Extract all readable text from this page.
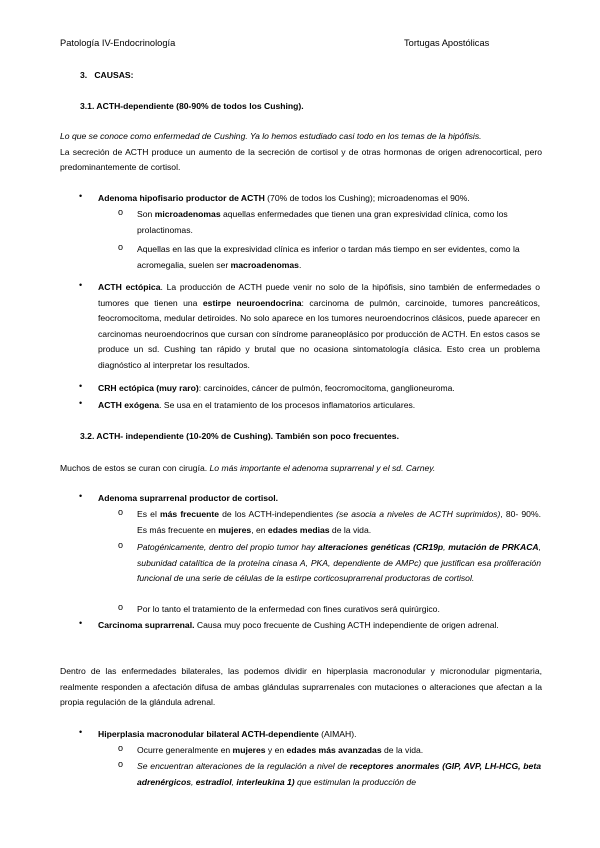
Patología IV-Endocrinología	Tortugas Apostólicas
3. CAUSAS:
3.1. ACTH-dependiente (80-90% de todos los Cushing).
Lo que se conoce como enfermedad de Cushing. Ya lo hemos estudiado casi todo en los temas de la hipófisis.
La secreción de ACTH produce un aumento de la secreción de cortisol y de otras hormonas de origen adrenocortical, pero predominantemente de cortisol.
• Adenoma hipofisario productor de ACTH (70% de todos los Cushing); microadenomas el 90%.
o Son microadenomas aquellas enfermedades que tienen una gran expresividad clínica, como los prolactinomas.
o Aquellas en las que la expresividad clínica es inferior o tardan más tiempo en ser evidentes, como la acromegalia, suelen ser macroadenomas.
• ACTH ectópica. La producción de ACTH puede venir no solo de la hipófisis, sino también de enfermedades o tumores que tienen una estirpe neuroendocrina: carcinoma de pulmón, carcinoide, tumores pancreáticos, feocromocitoma, medular detiroides. No solo aparece en los tumores neuroendocrinos clásicos, puede aparecer en carcinomas neuroendocrinos que cursan con síndrome paraneoplásico por producción de ACTH. En estos casos se produce un sd. Cushing tan rápido y brutal que no ocasiona sintomatología clásica. Esto crea un problema diagnóstico al interpretar los resultados.
• CRH ectópica (muy raro): carcinoides, cáncer de pulmón, feocromocitoma, ganglioneuroma.
• ACTH exógena. Se usa en el tratamiento de los procesos inflamatorios articulares.
3.2. ACTH- independiente (10-20% de Cushing). También son poco frecuentes.
Muchos de estos se curan con cirugía. Lo más importante el adenoma suprarrenal y el sd. Carney.
• Adenoma suprarrenal productor de cortisol.
o Es el más frecuente de los ACTH-independientes (se asocia a niveles de ACTH suprimidos), 80- 90%. Es más frecuente en mujeres, en edades medias de la vida.
o Patogénicamente, dentro del propio tumor hay alteraciones genéticas (CR19p, mutación de PRKACA, subunidad catalítica de la proteína cinasa A, PKA, dependiente de AMPc) que justifican esa proliferación funcional de una serie de células de la estirpe corticosuprarrenal productoras de cortisol.
o Por lo tanto el tratamiento de la enfermedad con fines curativos será quirúrgico.
• Carcinoma suprarrenal. Causa muy poco frecuente de Cushing ACTH independiente de origen adrenal.
Dentro de las enfermedades bilaterales, las podemos dividir en hiperplasia macronodular y micronodular pigmentaria, realmente responden a afectación difusa de ambas glándulas suprarrenales con mutaciones o alteraciones que afectan a la propia regulación de la glándula adrenal.
• Hiperplasia macronodular bilateral ACTH-dependiente (AIMAH).
o Ocurre generalmente en mujeres y en edades más avanzadas de la vida.
o Se encuentran alteraciones de la regulación a nivel de receptores anormales (GIP, AVP, LH-HCG, beta adrenérgicos, estradiol, interleukina 1) que estimulan la producción de
